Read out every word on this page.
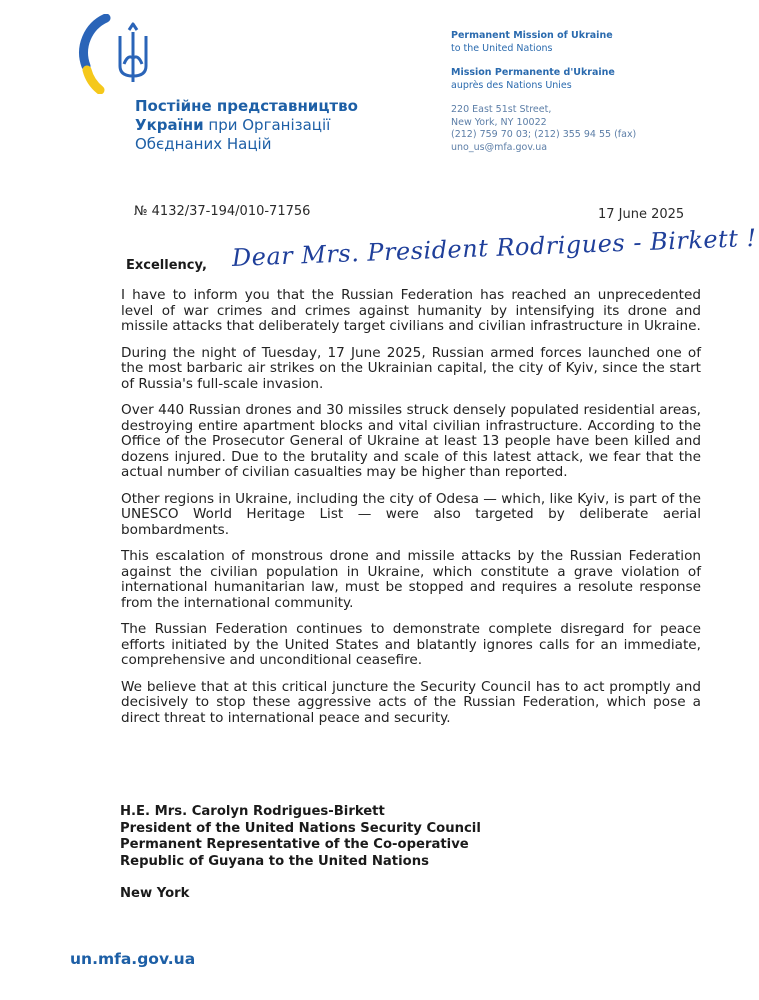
Постійне представництво
України при Організації
Обєднаних Націй
Permanent Mission of Ukraine
to the United Nations
Mission Permanente d'Ukraine
auprès des Nations Unies
220 East 51st Street,
New York, NY 10022
(212) 759 70 03; (212) 355 94 55 (fax)
uno_us@mfa.gov.ua
№ 4132/37-194/010-71756	17 June 2025
Excellency, Dear Mrs. President Rodrigues - Birkett !

I have to inform you that the Russian Federation has reached an unprecedented level of war crimes and crimes against humanity by intensifying its drone and missile attacks that deliberately target civilians and civilian infrastructure in Ukraine.

During the night of Tuesday, 17 June 2025, Russian armed forces launched one of the most barbaric air strikes on the Ukrainian capital, the city of Kyiv, since the start of Russia's full-scale invasion.

Over 440 Russian drones and 30 missiles struck densely populated residential areas, destroying entire apartment blocks and vital civilian infrastructure. According to the Office of the Prosecutor General of Ukraine at least 13 people have been killed and dozens injured. Due to the brutality and scale of this latest attack, we fear that the actual number of civilian casualties may be higher than reported.

Other regions in Ukraine, including the city of Odesa — which, like Kyiv, is part of the UNESCO World Heritage List — were also targeted by deliberate aerial bombardments.

This escalation of monstrous drone and missile attacks by the Russian Federation against the civilian population in Ukraine, which constitute a grave violation of international humanitarian law, must be stopped and requires a resolute response from the international community.

The Russian Federation continues to demonstrate complete disregard for peace efforts initiated by the United States and blatantly ignores calls for an immediate, comprehensive and unconditional ceasefire.

We believe that at this critical juncture the Security Council has to act promptly and decisively to stop these aggressive acts of the Russian Federation, which pose a direct threat to international peace and security.

H.E. Mrs. Carolyn Rodrigues-Birkett
President of the United Nations Security Council
Permanent Representative of the Co-operative
Republic of Guyana to the United Nations
New York
un.mfa.gov.ua
